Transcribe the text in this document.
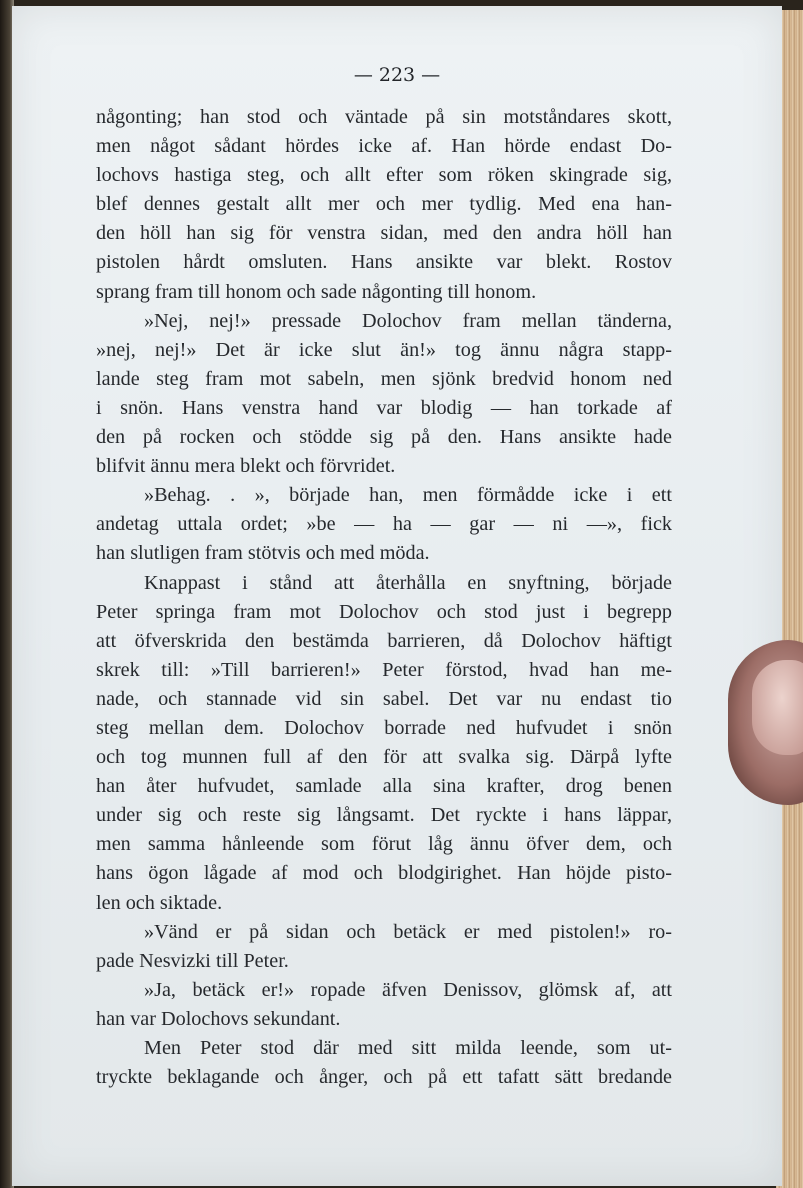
— 223 —
någonting; han stod och väntade på sin motståndares skott,
men något sådant hördes icke af. Han hörde endast Do-
lochovs hastiga steg, och allt efter som röken skingrade sig,
blef dennes gestalt allt mer och mer tydlig. Med ena han-
den höll han sig för venstra sidan, med den andra höll han
pistolen hårdt omsluten. Hans ansikte var blekt. Rostov
sprang fram till honom och sade någonting till honom.
»Nej, nej!» pressade Dolochov fram mellan tänderna,
»nej, nej!» Det är icke slut än!» tog ännu några stapp-
lande steg fram mot sabeln, men sjönk bredvid honom ned
i snön. Hans venstra hand var blodig — han torkade af
den på rocken och stödde sig på den. Hans ansikte hade
blifvit ännu mera blekt och förvridet.
»Behag. . », började han, men förmådde icke i ett
andetag uttala ordet; »be — ha — gar — ni —», fick
han slutligen fram stötvis och med möda.
Knappast i stånd att återhålla en snyftning, började
Peter springa fram mot Dolochov och stod just i begrepp
att öfverskrida den bestämda barrieren, då Dolochov häftigt
skrek till: »Till barrieren!» Peter förstod, hvad han me-
nade, och stannade vid sin sabel. Det var nu endast tio
steg mellan dem. Dolochov borrade ned hufvudet i snön
och tog munnen full af den för att svalka sig. Därpå lyfte
han åter hufvudet, samlade alla sina krafter, drog benen
under sig och reste sig långsamt. Det ryckte i hans läppar,
men samma hånleende som förut låg ännu öfver dem, och
hans ögon lågade af mod och blodgirighet. Han höjde pisto-
len och siktade.
»Vänd er på sidan och betäck er med pistolen!» ro-
pade Nesvizki till Peter.
»Ja, betäck er!» ropade äfven Denissov, glömsk af, att
han var Dolochovs sekundant.
Men Peter stod där med sitt milda leende, som ut-
tryckte beklagande och ånger, och på ett tafatt sätt bredande
